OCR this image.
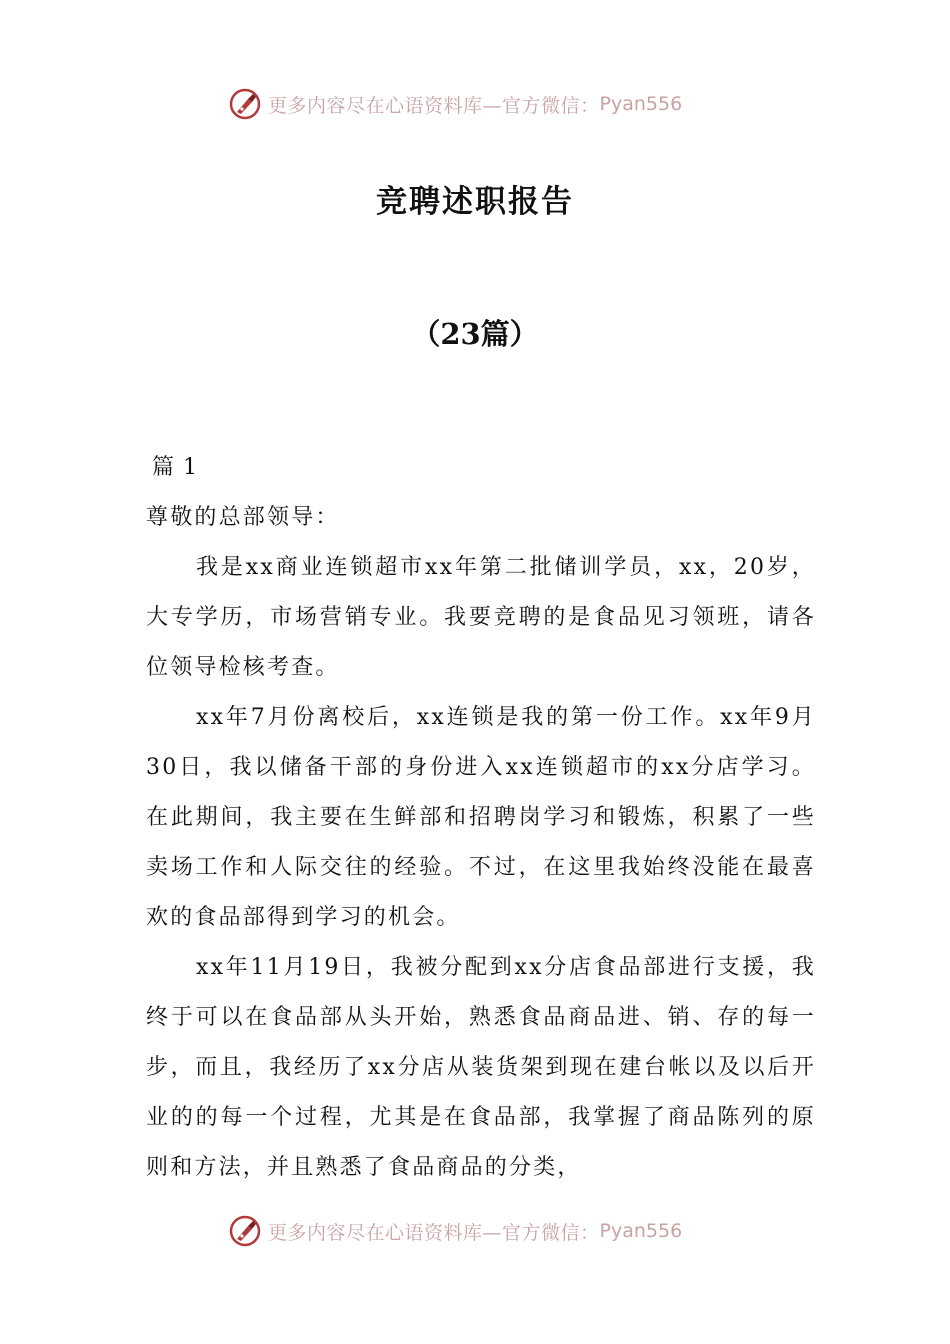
更多内容尽在心语资料库—官方微信： Pyan556
竞聘述职报告
（23篇）

篇 1

尊敬的总部领导：

我是xx商业连锁超市xx年第二批储训学员，xx，20岁，大专学历，市场营销专业。我要竞聘的是食品见习领班，请各位领导检核考查。

xx年7月份离校后，xx连锁是我的第一份工作。xx年9月30日，我以储备干部的身份进入xx连锁超市的xx分店学习。在此期间，我主要在生鲜部和招聘岗学习和锻炼，积累了一些卖场工作和人际交往的经验。不过，在这里我始终没能在最喜欢的食品部得到学习的机会。

xx年11月19日，我被分配到xx分店食品部进行支援，我终于可以在食品部从头开始，熟悉食品商品进、销、存的每一步，而且，我经历了xx分店从装货架到现在建台帐以及以后开业的的每一个过程，尤其是在食品部，我掌握了商品陈列的原则和方法，并且熟悉了食品商品的分类，

更多内容尽在心语资料库—官方微信： Pyan556
